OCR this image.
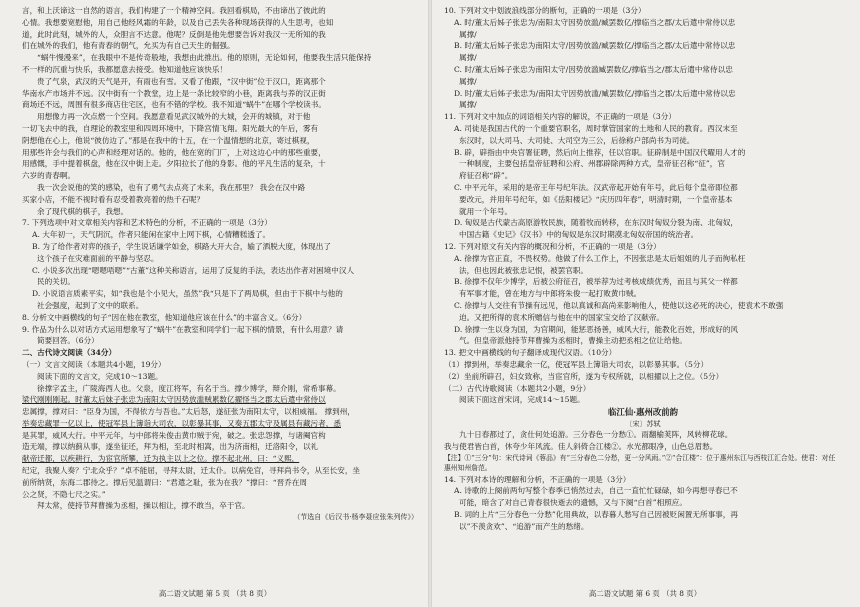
言，和上沃谛这一自然的语言，我们构建了一个精神空间。我回看棋局，不由谛出了彼此的

心情。我想要宽慰他，用自己他经风霜的年龄，以及自己丢失各种现场获得的人生思考，也知

道，此时此刻，城外的人，众胆言不达意。他呢？反倒是他先想要告诉对我汉一无所知的我

们在城外的我们，他有青春的朝气，允买为有自己天生的倔强。

“蜗牛慢漫来”，在我眼中不是传奇般地，我想由此推出。他的原则，无论如何，他要我生活只能保持

不一样的沉重与快乐，我都愿意去接受。他知道他应该快乐！

贵了气泉，武汉的天气是开，有雨也有雪。又看了他跟，“汉中街”位于汉口，距离那个

华南水产市场并不远。汉中街有一个教堂，边上是一条比较窄的小巷，距离我与养的汉正街

商场还不远，周围有很多商店住宅区，也有不错的学校。我不知道“蜗牛”在哪个学校读书。

用想像力再一次点燃一个空间。我愿意看见武汉城外的大城，会开的城镇，对于他

一切飞去中的我，自理论的教室里和四周环境中，下降宫情飞翔。阳光最大的午后，雾有

阴想他在心上，他说“彼仿边了。”那是在我中的十五，在一个温情想的北京，寄过棋视，

用那些许会与我们的心声和经理对话的。他的，他在宽的门厂，上对这边心中的那些重要，

用感慨，手中提着棋盘，他在汉中街上走。夕阳拉长了他的身影。他的平凡生活的复杂，十

六岁的青春啊。

我一次会说他的笑的感染，也有了勇气去点亮了未来，我在那里？ 我会在汉中路

买家小店，不能不视时看有忍受着教亮着的热千石呢？

余了现代棋的棋子，我想。

7. 下列选项中对文章相关内容和艺术特色的分析，不正确的一项是（3分）

A. 大年初一，天气阴沉，作者只能闲在家中上网下棋，心情糟糕透了。

B. 为了给作者对弈的孩子，学生说话谦学如金，棋路大开大合，输了洒脱大度，体现出了

这个孩子在灾难面前的平静与坚忍。

C. 小说多次出现“嗯嗯唔嗯”“古董”这种关称语言，运用了反复的手法，表达出作者对困境中汉人

民的关切。

D. 小说语言质素平实，如“我也是个小见大，虽然”我“只是下了两局棋，但由于下棋中与他的

社会强度，起到了文中的联系。

8. 分析文中画横线的句子“因在他在教室，他知道他应该在什么”的丰富含义。（6分）

9. 作品为什么以对话方式运用想象写了“蜗牛”在教室和同学们一起下棋的情景，有什么用意？请

简要回答。（6分）

二、古代诗文阅读（34分）

（一）文言文阅读（本题共4小题，19分）

阅读下面的文言文，完成10～13题。

徐撑字孟主，广陵海西人也。父泉，度江将军，有名于当。撑少博学，辩介刚，常希事幕。

梁代刚刚刚起。时董太后妹子张忠为南阳太守因势放滥贼累数亿擢怪当之郡太后遣中常侍以

忠属撑，撑对曰：“臣身为国，不得依方与吾也。”太后怒，遂征张为南阳太守，以相威福。 撑到州，

举奏忠藏罪一亿以上，使冠军县上簿诣大司农，以彰暴其事，又奏五郡太守及属县有藏污者，悉

是其罪，威风大行。中平元年，与中郎将朱俊击黄巾贼于宛，破之。张忠怨撑，与诸阉官构

造无端，撑以纳蓟从事，遂坐征还，拜为相，至北时相嵩，出为济南相，迁洛阳令，以礼

献帝迁都，以疾耕行，为宦官所攀，迁为执主以上之位。撑不起北州，曰：“义熙，

纪定，我聚人奏？宁北众乎？”卓不能屈，寻拜太尉，迁太仆。以病免官，寻拜尚书令，从至长安，坐

前所纳贤，东海二郡待之。撑后见温谓曰：“君遣之耻，张为在我？”撑曰：“晋乔在周

公之贤，不隐七尺之实。”

拜太常，使持节拜曹操为丞相，操以相让，撑不敢当，卒于官。

（节选自《后汉书·杨李聂应张朱列传》）

高二语文试题 第 5 页 （共 8 页）

10. 下列对文中划波浪线部分的断句，正确的一项是（3分）

A. 时/董太后姊子张忠为/南阳太守因势放滥/臧罢数亿/撑临当之郡/太后遣中常侍以忠

属撑/

B. 时/董太后姊子张忠为南阳太守/因势放滥/臧罢数亿/撑临当之郡/太后遣中常侍以忠

属撑/

C. 时/董太后姊子张忠为南阳太守/因势放滥臧罢数亿/撑临当之/郡太后遣中常侍以忠

属撑/

D. 时/董太后姊子张忠为/南阳太守因势放滥/臧罢数亿/撑临当之郡/太后遣中常侍以忠

属撑/

11. 下列对文中加点的词语相关内容的解说，不正确的一项是（3分）

A. 司徒是我国古代的一个重要官职名，周时掌管国家的土地和人民的教育。西汉末至

东汉时，以大司马、大司徒、大司空为三公，后徐称户部尚书为司徒。

B. 辟，辟指由中央官署征聘，然后向上推荐，任以官职。征辟制是中国汉代曜用人才的

一种制度，主要包括皇帝征聘和公府、州郡辟除两种方式，皇帝征召称“征”，官

府征召称“辟”。

C. 中平元年，采用的是帝王年号纪年法。汉武帝起开始有年号，此后每个皇帝即位都

要改元，并用年号纪年，如《岳阳楼记》“庆历四年春”，明清时期，一个皇帝基本

就用一个年号。

D. 匈奴是古代蒙古高原游牧民族，随着牧而转移，在东汉时匈奴分裂为南、北匈奴，

中国古籍《史记》《汉书》中的匈奴是东汉时期漠北匈奴帝国的统治者。

12. 下列对原文有关内容的概况和分析，不正确的一项是（3分）

A. 徐撑为官正直，不畏权势。他做了什么工作上，不因张忠是太后姐姐的儿子而徇私枉

法，但也因此被张忠记恨，被罢官职。

B. 徐撑不仅年少博学，后被公府征召，被举荐为过考核成绩优秀，而且与其父一样都

有军事才能，曾在地方与中郎将朱俊一起打败黄巾贼。

C. 徐撑与人交往有节操有远见，他以真诚和高尚来影响他人，使他以这必死的决心，使袁术不敢强

迫。又把所得的袁术所赠信与他在中的国家宝交给了汉献帝。

D. 徐撑一生以身为国，为官期间，能惩恶扬善，威风大行，能教化百姓，形成好的风

气。但皇帝派他持节拜曹操为丞相时，曹操主动把丞相之位让给他。

13. 把文中画横线的句子翻译成现代汉语。（10分）

（1）撑到州，举奏忠藏余一亿，使冠军县上簿诣大司农，以彰暴其事。（5分）

（2）坐前所辟召，妇女致称，当宦官所，遂为专权所就，以相擢以上之位。（5分）

（二）古代诗歌阅读（本题共2小题，9分）

阅读下面这首宋词，完成14～15题。

临江仙·惠州改前韵

〔宋〕苏轼

九十日春都过了，贪仕何处追游。三分春色一分愁①。雨翻榆荚阵，风转柳花球。

我与使君皆白首，休夸少年风流。佳人斜倚合江楼②。水光都眼净，山色总眉愁。

【注】①“三分”句：宋代诗词《蓉品》有“三分春色二分愁，更一分风雨。”②“合江楼”：位于惠州东江与西枝江汇合处。使君：对任惠州知州詹范。

14. 下列对本诗的理解和分析，不正确的一项是（3分）

A. 诗歌的上阕前两句写整个春季已悄然过去，自己一直忙忙碌碌，如今再想寻春已不

可能，暗含了对自己青春很快逝去的遗憾，又与下阕“白首”相照应。

B. 词的上片“三分春色一分愁”化用典故，以春暮人愁写自己因被贬闲置无所事事，再

以”不羡贪欢”、“追游”而产生的愁绪。

高二语文试题 第 6 页 （共 8 页）
